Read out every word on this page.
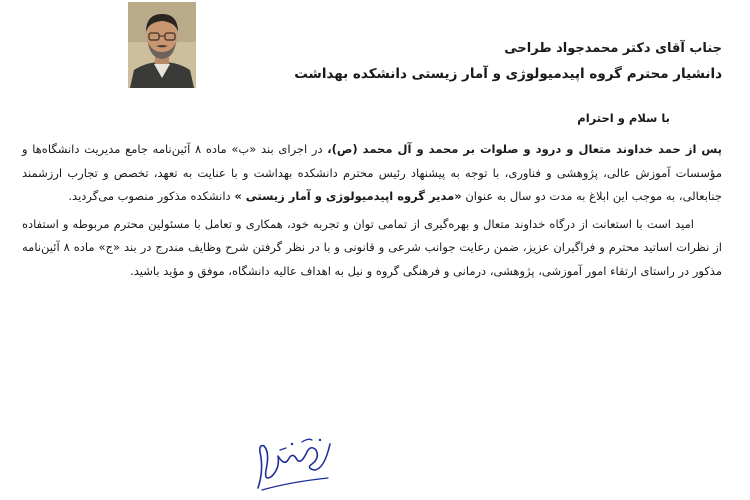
جناب آقای دکتر محمدجواد طراحی
دانشیار محترم گروه اپیدمیولوژی و آمار زیستی دانشکده بهداشت
با سلام و احترام

پس از حمد خداوند متعال و درود و صلوات بر محمد و آل محمد (ص)، در اجرای بند «ب» ماده ۸ آئین‌نامه جامع مدیریت دانشگاه‌ها و مؤسسات آموزش عالی، پژوهشی و فناوری، با توجه به پیشنهاد رئیس محترم دانشکده بهداشت و با عنایت به تعهد، تخصص و تجارب ارزشمند جنابعالی، به موجب این ابلاغ به مدت دو سال به عنوان «مدیر گروه اپیدمیولوژی و آمار زیستی » دانشکده مذکور منصوب می‌گردید.

امید است با استعانت از درگاه خداوند متعال و بهره‌گیری از تمامی توان و تجربه خود، همکاری و تعامل با مسئولین محترم مربوطه و استفاده از نظرات اساتید محترم و فراگیران عزیز، ضمن رعایت جوانب شرعی و قانونی و با در نظر گرفتن شرح وظایف مندرج در بند «ج» ماده ۸ آئین‌نامه مذکور در راستای ارتقاء امور آموزشی، پژوهشی، درمانی و فرهنگی گروه و نیل به اهداف عالیه دانشگاه، موفق و مؤید باشید.
